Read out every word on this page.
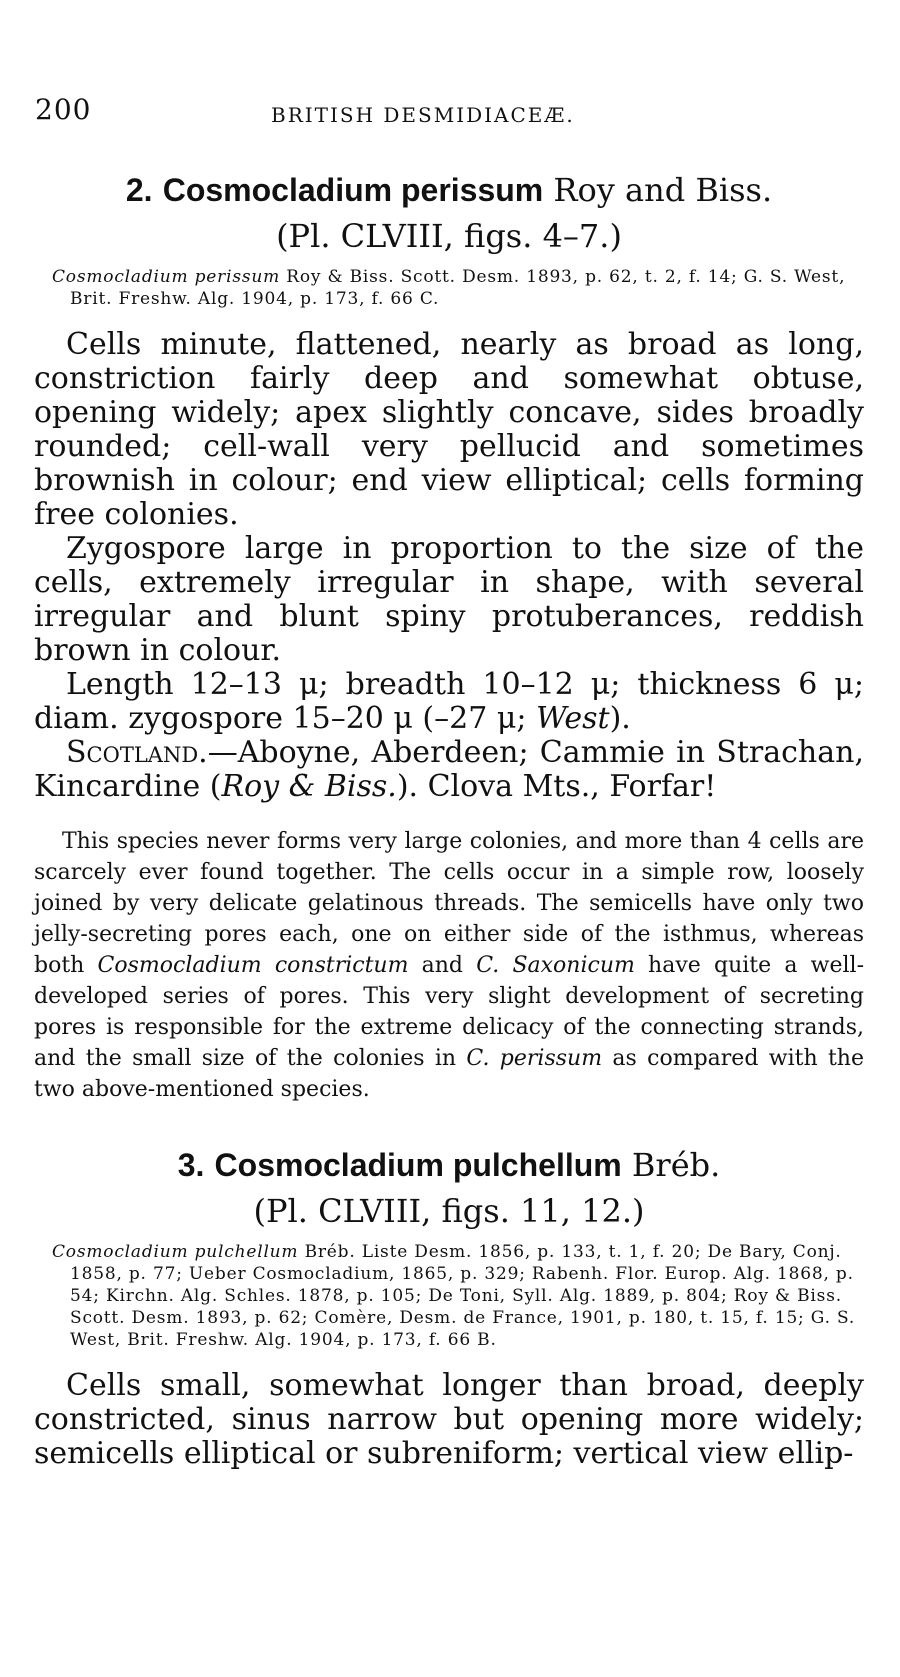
200	BRITISH DESMIDIACEÆ.
2. Cosmocladium perissum Roy and Biss.
(Pl. CLVIII, figs. 4–7.)

Cosmocladium perissum Roy & Biss. Scott. Desm. 1893, p. 62, t. 2, f. 14; G. S. West, Brit. Freshw. Alg. 1904, p. 173, f. 66 C.

Cells minute, flattened, nearly as broad as long, constriction fairly deep and somewhat obtuse, opening widely; apex slightly concave, sides broadly rounded; cell-wall very pellucid and sometimes brownish in colour; end view elliptical; cells forming free colonies.

Zygospore large in proportion to the size of the cells, extremely irregular in shape, with several irregular and blunt spiny protuberances, reddish brown in colour.

Length 12–13 μ; breadth 10–12 μ; thickness 6 μ; diam. zygospore 15–20 μ (–27 μ; West).

Scotland.—Aboyne, Aberdeen; Cammie in Strachan, Kincardine (Roy & Biss.). Clova Mts., Forfar!

This species never forms very large colonies, and more than 4 cells are scarcely ever found together. The cells occur in a simple row, loosely joined by very delicate gelatinous threads. The semicells have only two jelly-secreting pores each, one on either side of the isthmus, whereas both Cosmocladium constrictum and C. Saxonicum have quite a well-developed series of pores. This very slight development of secreting pores is responsible for the extreme delicacy of the connecting strands, and the small size of the colonies in C. perissum as compared with the two above-mentioned species.

3. Cosmocladium pulchellum Bréb.
(Pl. CLVIII, figs. 11, 12.)

Cosmocladium pulchellum Bréb. Liste Desm. 1856, p. 133, t. 1, f. 20; De Bary, Conj. 1858, p. 77; Ueber Cosmocladium, 1865, p. 329; Rabenh. Flor. Europ. Alg. 1868, p. 54; Kirchn. Alg. Schles. 1878, p. 105; De Toni, Syll. Alg. 1889, p. 804; Roy & Biss. Scott. Desm. 1893, p. 62; Comère, Desm. de France, 1901, p. 180, t. 15, f. 15; G. S. West, Brit. Freshw. Alg. 1904, p. 173, f. 66 B.

Cells small, somewhat longer than broad, deeply constricted, sinus narrow but opening more widely; semicells elliptical or subreniform; vertical view ellip-
